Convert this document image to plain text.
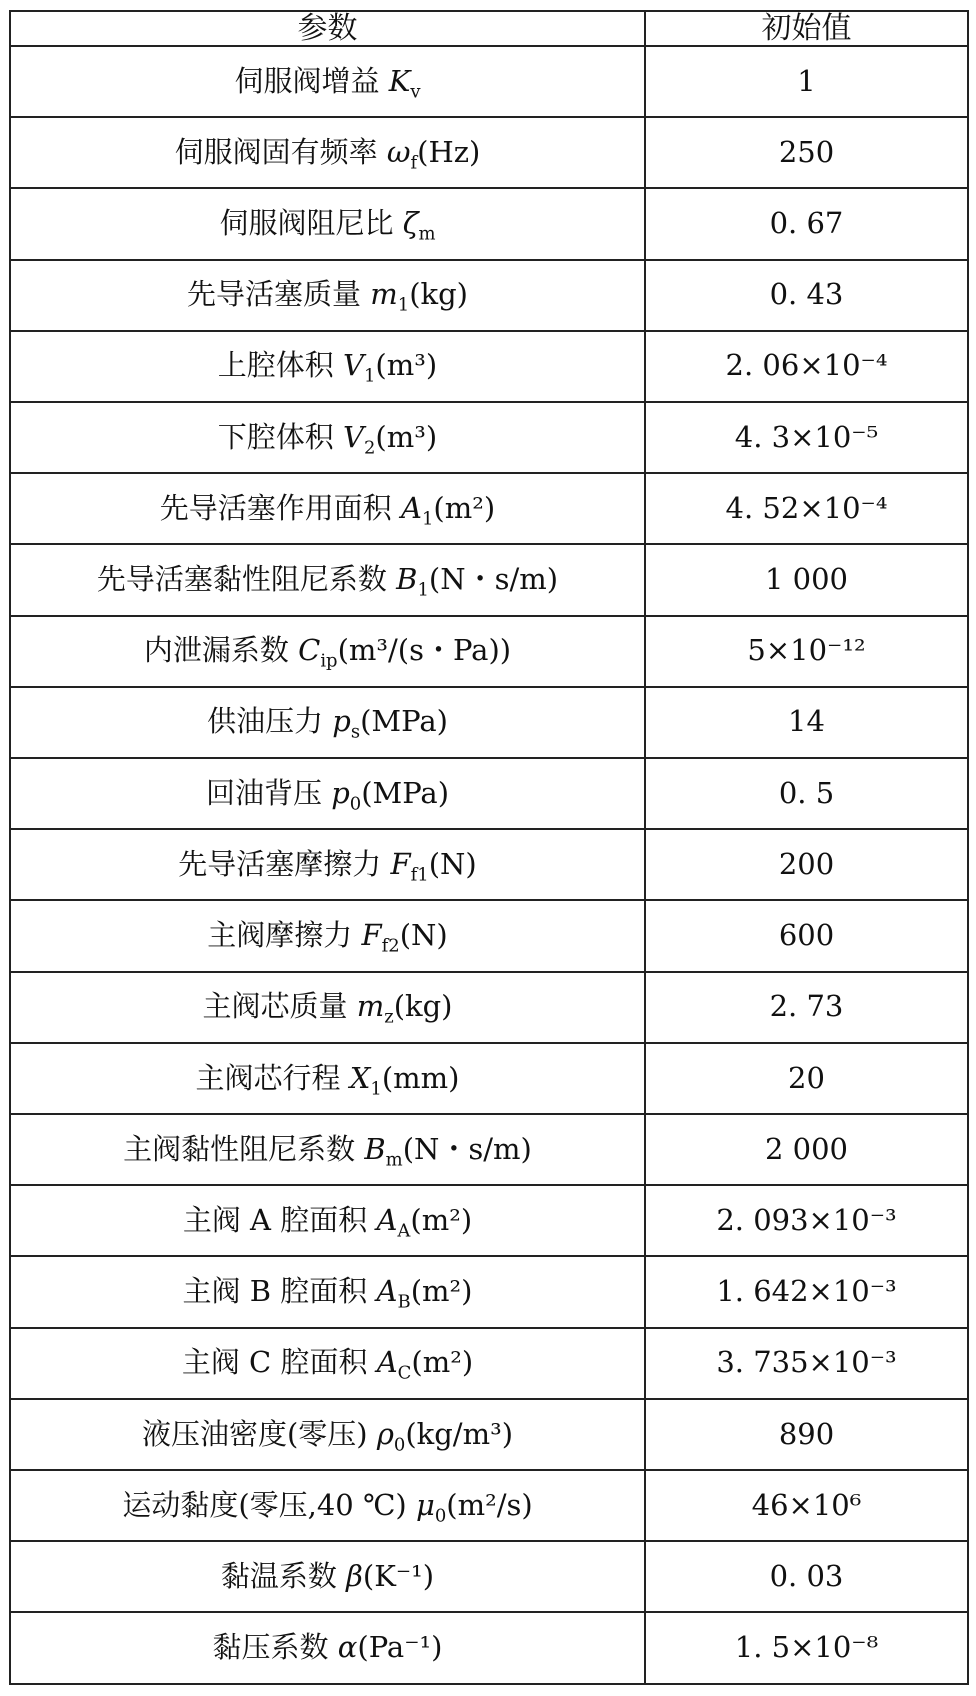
参数	初始值
伺服阀增益 $K_v$	1
伺服阀固有频率 $\omega_f(Hz)$	250
伺服阀阻尼比 $\zeta_m$	0. 67
先导活塞质量 $m_1(kg)$	0. 43
上腔体积 $V_1(m^3)$	2. 06×10⁻⁴
下腔体积 $V_2(m^3)$	4. 3×10⁻⁵
先导活塞作用面积 $A_1(m^2)$	4. 52×10⁻⁴
先导活塞黏性阻尼系数 $B_1(N$・s/m)	1 000
内泄漏系数 $C_{ip}(m^3/(s$・Pa))	5×10⁻¹²
供油压力 $p_s(MPa)$	14
回油背压 $p_0(MPa)$	0. 5
先导活塞摩擦力 $F_{f1}(N)$	200
主阀摩擦力 $F_{f2}(N)$	600
主阀芯质量 $m_z(kg)$	2. 73
主阀芯行程 $X_1(mm)$	20
主阀黏性阻尼系数 $B_m(N$・s/m)	2 000
主阀 A 腔面积 $A_A(m^2)$	2. 093×10⁻³
主阀 B 腔面积 $A_B(m^2)$	1. 642×10⁻³
主阀 C 腔面积 $A_C(m^2)$	3. 735×10⁻³
液压油密度(零压) $\rho_0(kg/m^3)$	890
运动黏度(零压,40 ℃) $\mu_0(m^2/s)$	46×10⁶
黏温系数 β(K⁻¹)	0. 03
黏压系数 α(Pa⁻¹)	1. 5×10⁻⁸
